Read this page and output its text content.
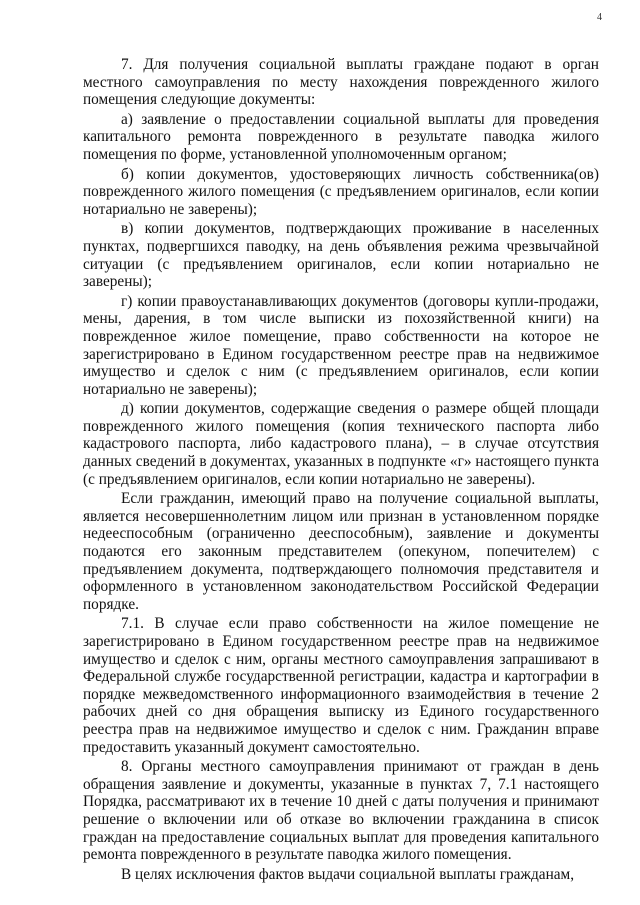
4

7. Для получения социальной выплаты граждане подают в орган местного самоуправления по месту нахождения поврежденного жилого помещения следующие документы:

а) заявление о предоставлении социальной выплаты для проведения капитального ремонта поврежденного в результате паводка жилого помещения по форме, установленной уполномоченным органом;

б) копии документов, удостоверяющих личность собственника(ов) поврежденного жилого помещения (с предъявлением оригиналов, если копии нотариально не заверены);

в) копии документов, подтверждающих проживание в населенных пунктах, подвергшихся паводку, на день объявления режима чрезвычайной ситуации (с предъявлением оригиналов, если копии нотариально не заверены);

г) копии правоустанавливающих документов (договоры купли-продажи, мены, дарения, в том числе выписки из похозяйственной книги) на поврежденное жилое помещение, право собственности на которое не зарегистрировано в Едином государственном реестре прав на недвижимое имущество и сделок с ним (с предъявлением оригиналов, если копии нотариально не заверены);

д) копии документов, содержащие сведения о размере общей площади поврежденного жилого помещения (копия технического паспорта либо кадастрового паспорта, либо кадастрового плана), – в случае отсутствия данных сведений в документах, указанных в подпункте «г» настоящего пункта (с предъявлением оригиналов, если копии нотариально не заверены).

Если гражданин, имеющий право на получение социальной выплаты, является несовершеннолетним лицом или признан в установленном порядке недееспособным (ограниченно дееспособным), заявление и документы подаются его законным представителем (опекуном, попечителем) с предъявлением документа, подтверждающего полномочия представителя и оформленного в установленном законодательством Российской Федерации порядке.

7.1. В случае если право собственности на жилое помещение не зарегистрировано в Едином государственном реестре прав на недвижимое имущество и сделок с ним, органы местного самоуправления запрашивают в Федеральной службе государственной регистрации, кадастра и картографии в порядке межведомственного информационного взаимодействия в течение 2 рабочих дней со дня обращения выписку из Единого государственного реестра прав на недвижимое имущество и сделок с ним. Гражданин вправе предоставить указанный документ самостоятельно.

8. Органы местного самоуправления принимают от граждан в день обращения заявление и документы, указанные в пунктах 7, 7.1 настоящего Порядка, рассматривают их в течение 10 дней с даты получения и принимают решение о включении или об отказе во включении гражданина в список граждан на предоставление социальных выплат для проведения капитального ремонта поврежденного в результате паводка жилого помещения.

В целях исключения фактов выдачи социальной выплаты гражданам,
